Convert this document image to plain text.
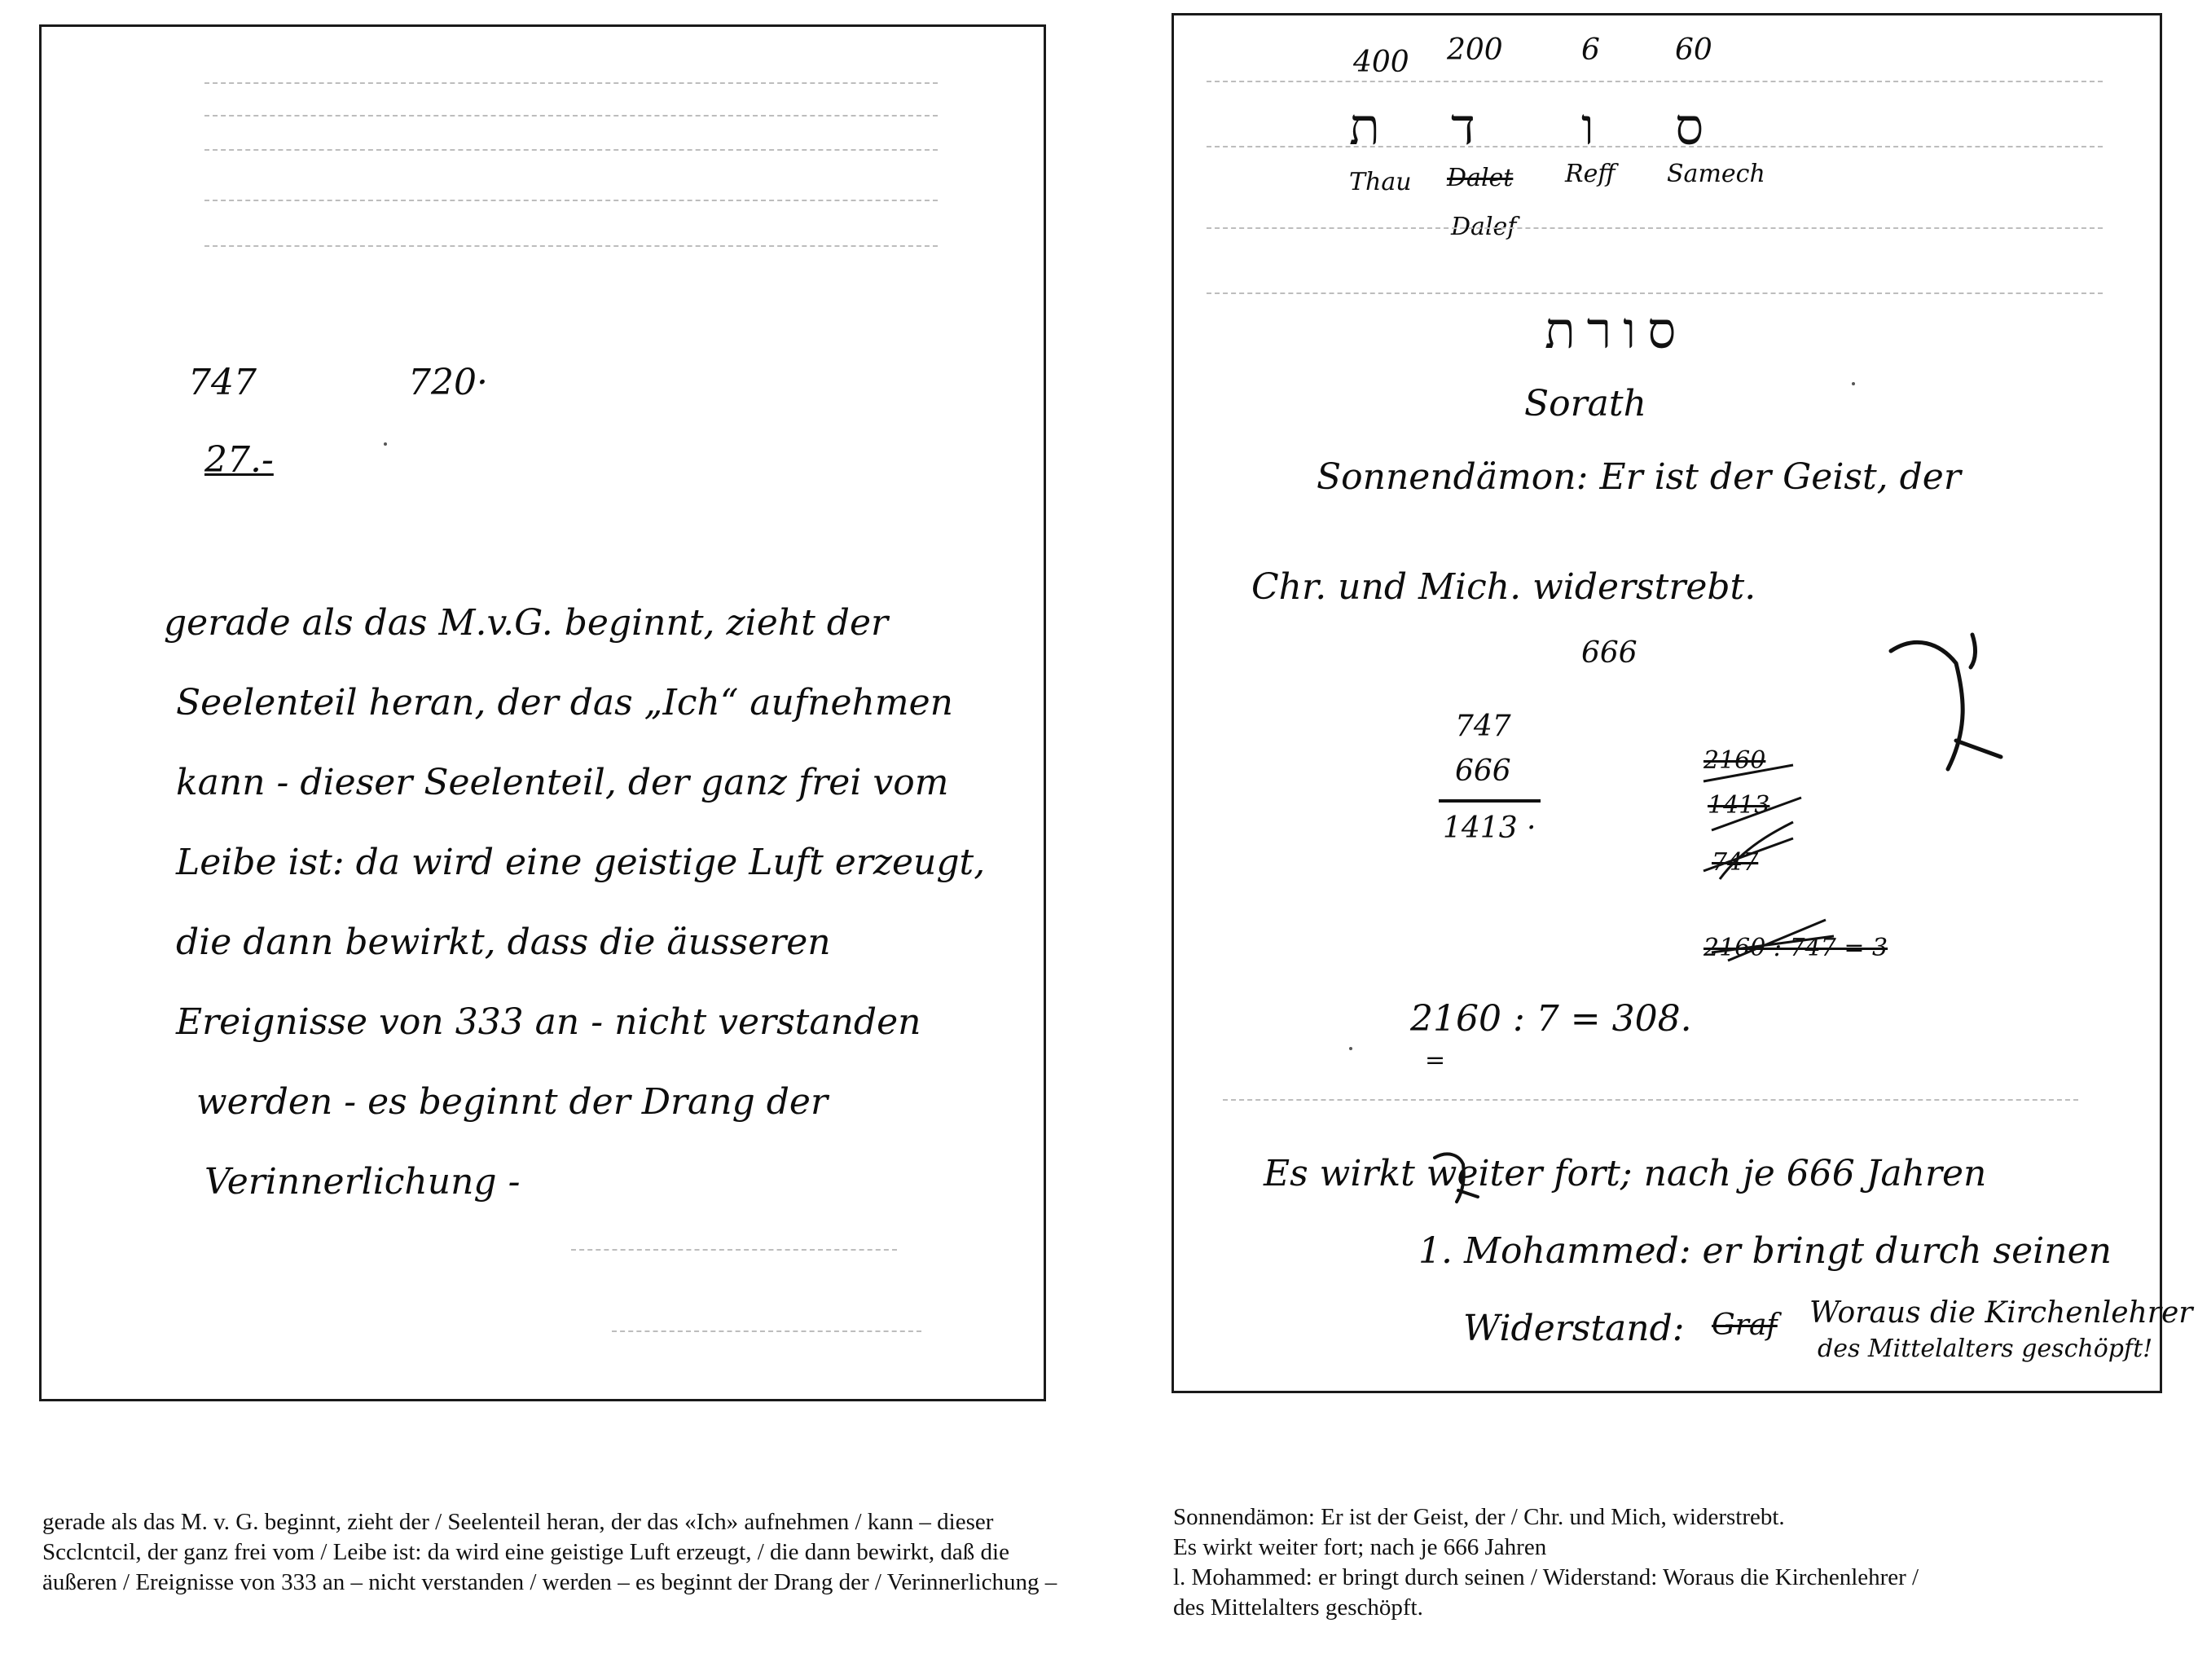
747	720·
27.-
gerade als das M.v.G. beginnt, zieht der
Seelenteil heran, der das „Ich“ aufnehmen
kann - dieser Seelenteil, der ganz frei vom
Leibe ist: da wird eine geistige Luft erzeugt,
die dann bewirkt, dass die äusseren
Ereignisse von 333 an - nicht verstanden
werden - es beginnt der Drang der
Verinnerlichung -
400 200	6	60
ת ד ו ס
Thau Dalet Reff Samech
Dalef
סורת
Sorath
Sonnendämon: Er ist der Geist, der
Chr. und Mich. widerstrebt.
666
747
666
1413 ·
2160
1413
747
2160 : 747 = 3
2160 : 7 = 308.
=
Es wirkt weiter fort; nach je 666 Jahren
1. Mohammed: er bringt durch seinen
Widerstand: Graf Woraus die Kirchenlehrer
des Mittelalters geschöpft!
gerade als das M. v. G. beginnt, zieht der / Seelenteil heran, der das «Ich» aufnehmen / kann – dieser Scclcntcil, der ganz frei vom / Leibe ist: da wird eine geistige Luft erzeugt, / die dann bewirkt, daß die äußeren / Ereignisse von 333 an – nicht verstanden / werden – es beginnt der Drang der / Verinnerlichung –
Sonnendämon: Er ist der Geist, der / Chr. und Mich, widerstrebt.
Es wirkt weiter fort; nach je 666 Jahren
l. Mohammed: er bringt durch seinen / Widerstand: Woraus die Kirchenlehrer /
des Mittelalters geschöpft.
